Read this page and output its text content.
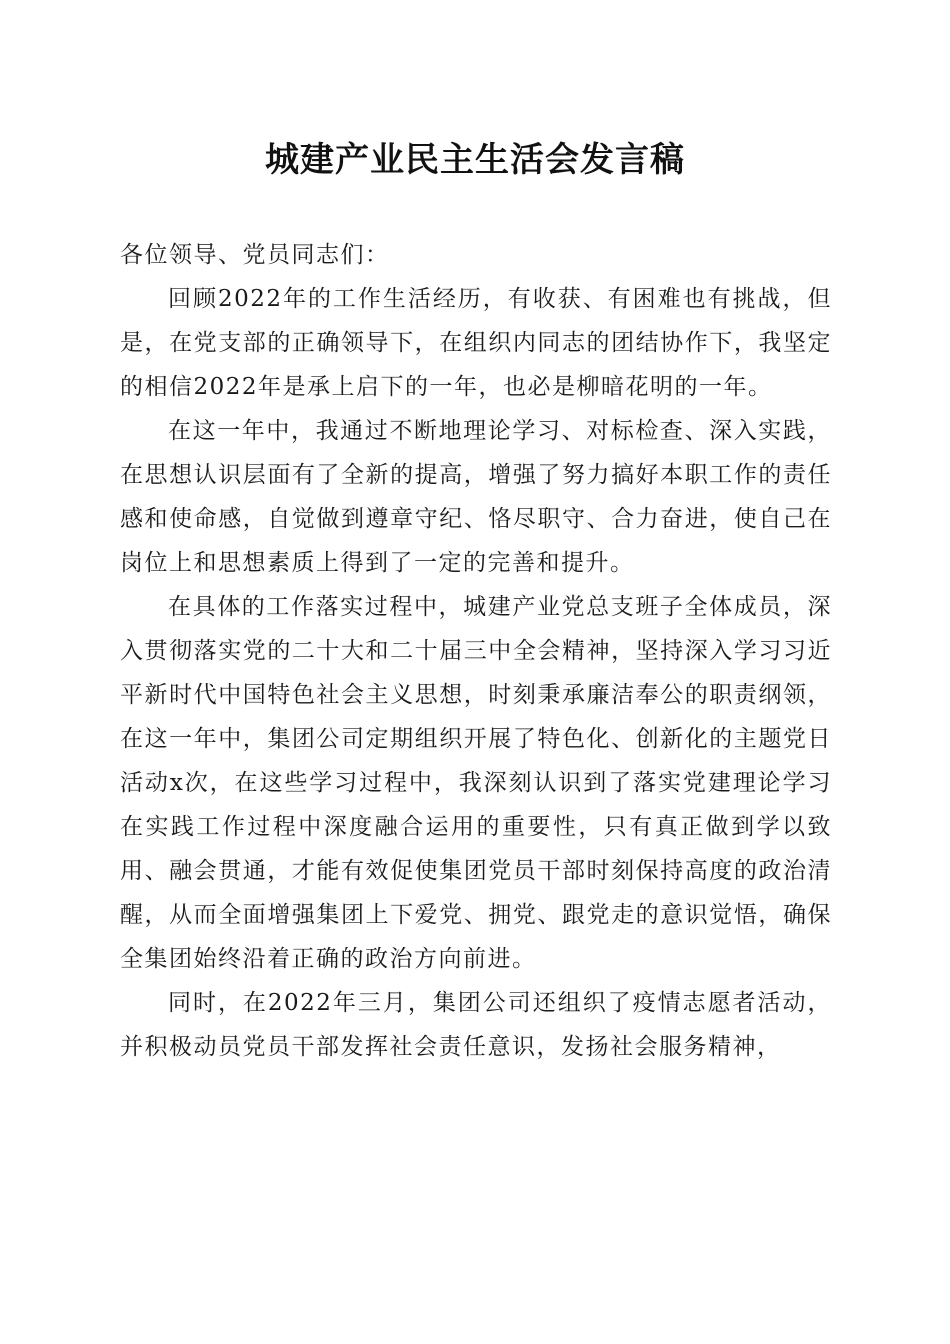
城建产业民主生活会发言稿

各位领导、党员同志们：

回顾2022年的工作生活经历，有收获、有困难也有挑战，但是，在党支部的正确领导下，在组织内同志的团结协作下，我坚定的相信2022年是承上启下的一年，也必是柳暗花明的一年。

在这一年中，我通过不断地理论学习、对标检查、深入实践，在思想认识层面有了全新的提高，增强了努力搞好本职工作的责任感和使命感，自觉做到遵章守纪、恪尽职守、合力奋进，使自己在岗位上和思想素质上得到了一定的完善和提升。

在具体的工作落实过程中，城建产业党总支班子全体成员，深入贯彻落实党的二十大和二十届三中全会精神，坚持深入学习习近平新时代中国特色社会主义思想，时刻秉承廉洁奉公的职责纲领，在这一年中，集团公司定期组织开展了特色化、创新化的主题党日活动x次，在这些学习过程中，我深刻认识到了落实党建理论学习在实践工作过程中深度融合运用的重要性，只有真正做到学以致用、融会贯通，才能有效促使集团党员干部时刻保持高度的政治清醒，从而全面增强集团上下爱党、拥党、跟党走的意识觉悟，确保全集团始终沿着正确的政治方向前进。

同时，在2022年三月，集团公司还组织了疫情志愿者活动，并积极动员党员干部发挥社会责任意识，发扬社会服务精神，
